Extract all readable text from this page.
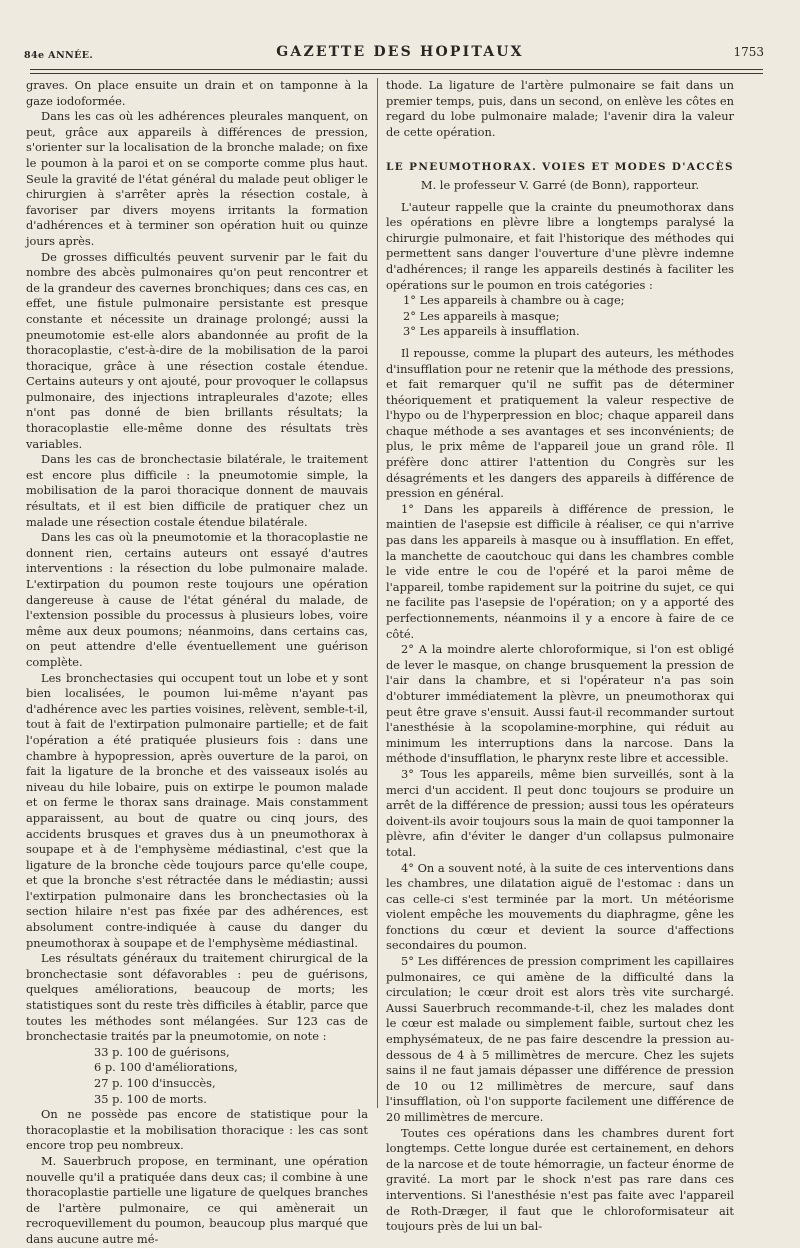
84e ANNÉE.	GAZETTE DES HOPITAUX	1753

graves. On place ensuite un drain et on tamponne à la gaze iodoformée.

Dans les cas où les adhérences pleurales manquent, on peut, grâce aux appareils à différences de pression, s'orienter sur la localisation de la bronche malade; on fixe le poumon à la paroi et on se comporte comme plus haut. Seule la gravité de l'état général du malade peut obliger le chirurgien à s'arrêter après la résection costale, à favoriser par divers moyens irritants la formation d'adhérences et à terminer son opération huit ou quinze jours après.

De grosses difficultés peuvent survenir par le fait du nombre des abcès pulmonaires qu'on peut rencontrer et de la grandeur des cavernes bronchiques; dans ces cas, en effet, une fistule pulmonaire persistante est presque constante et nécessite un drainage prolongé; aussi la pneumotomie est-elle alors abandonnée au profit de la thoracoplastie, c'est-à-dire de la mobilisation de la paroi thoracique, grâce à une résection costale étendue. Certains auteurs y ont ajouté, pour provoquer le collapsus pulmonaire, des injections intrapleurales d'azote; elles n'ont pas donné de bien brillants résultats; la thoracoplastie elle-même donne des résultats très variables.

Dans les cas de bronchectasie bilatérale, le traitement est encore plus difficile : la pneumotomie simple, la mobilisation de la paroi thoracique donnent de mauvais résultats, et il est bien difficile de pratiquer chez un malade une résection costale étendue bilatérale.

Dans les cas où la pneumotomie et la thoracoplastie ne donnent rien, certains auteurs ont essayé d'autres interventions : la résection du lobe pulmonaire malade. L'extirpation du poumon reste toujours une opération dangereuse à cause de l'état général du malade, de l'extension possible du processus à plusieurs lobes, voire même aux deux poumons; néanmoins, dans certains cas, on peut attendre d'elle éventuellement une guérison complète.

Les bronchectasies qui occupent tout un lobe et y sont bien localisées, le poumon lui-même n'ayant pas d'adhérence avec les parties voisines, relèvent, semble-t-il, tout à fait de l'extirpation pulmonaire partielle; et de fait l'opération a été pratiquée plusieurs fois : dans une chambre à hypopression, après ouverture de la paroi, on fait la ligature de la bronche et des vaisseaux isolés au niveau du hile lobaire, puis on extirpe le poumon malade et on ferme le thorax sans drainage. Mais constamment apparaissent, au bout de quatre ou cinq jours, des accidents brusques et graves dus à un pneumothorax à soupape et à de l'emphysème médiastinal, c'est que la ligature de la bronche cède toujours parce qu'elle coupe, et que la bronche s'est rétractée dans le médiastin; aussi l'extirpation pulmonaire dans les bronchectasies où la section hilaire n'est pas fixée par des adhérences, est absolument contre-indiquée à cause du danger du pneumothorax à soupape et de l'emphysème médiastinal.

Les résultats généraux du traitement chirurgical de la bronchectasie sont défavorables : peu de guérisons, quelques améliorations, beaucoup de morts; les statistiques sont du reste très difficiles à établir, parce que toutes les méthodes sont mélangées. Sur 123 cas de bronchectasie traités par la pneumotomie, on note :

33 p. 100 de guérisons,
6 p. 100 d'améliorations,
27 p. 100 d'insuccès,
35 p. 100 de morts.

On ne possède pas encore de statistique pour la thoracoplastie et la mobilisation thoracique : les cas sont encore trop peu nombreux.

M. Sauerbruch propose, en terminant, une opération nouvelle qu'il a pratiquée dans deux cas; il combine à une thoracoplastie partielle une ligature de quelques branches de l'artère pulmonaire, ce qui amènerait un recroquevillement du poumon, beaucoup plus marqué que dans aucune autre mé-

thode. La ligature de l'artère pulmonaire se fait dans un premier temps, puis, dans un second, on enlève les côtes en regard du lobe pulmonaire malade; l'avenir dira la valeur de cette opération.

LE PNEUMOTHORAX. VOIES ET MODES D'ACCÈS
M. le professeur V. Garré (de Bonn), rapporteur.

L'auteur rappelle que la crainte du pneumothorax dans les opérations en plèvre libre a longtemps paralysé la chirurgie pulmonaire, et fait l'historique des méthodes qui permettent sans danger l'ouverture d'une plèvre indemne d'adhérences; il range les appareils destinés à faciliter les opérations sur le poumon en trois catégories :

1° Les appareils à chambre ou à cage;
2° Les appareils à masque;
3° Les appareils à insufflation.

Il repousse, comme la plupart des auteurs, les méthodes d'insufflation pour ne retenir que la méthode des pressions, et fait remarquer qu'il ne suffit pas de déterminer théoriquement et pratiquement la valeur respective de l'hypo ou de l'hyperpression en bloc; chaque appareil dans chaque méthode a ses avantages et ses inconvénients; de plus, le prix même de l'appareil joue un grand rôle. Il préfère donc attirer l'attention du Congrès sur les désagréments et les dangers des appareils à différence de pression en général.

1° Dans les appareils à différence de pression, le maintien de l'asepsie est difficile à réaliser, ce qui n'arrive pas dans les appareils à masque ou à insufflation. En effet, la manchette de caoutchouc qui dans les chambres comble le vide entre le cou de l'opéré et la paroi même de l'appareil, tombe rapidement sur la poitrine du sujet, ce qui ne facilite pas l'asepsie de l'opération; on y a apporté des perfectionnements, néanmoins il y a encore à faire de ce côté.

2° A la moindre alerte chloroformique, si l'on est obligé de lever le masque, on change brusquement la pression de l'air dans la chambre, et si l'opérateur n'a pas soin d'obturer immédiatement la plèvre, un pneumothorax qui peut être grave s'ensuit. Aussi faut-il recommander surtout l'anesthésie à la scopolamine-morphine, qui réduit au minimum les interruptions dans la narcose. Dans la méthode d'insufflation, le pharynx reste libre et accessible.

3° Tous les appareils, même bien surveillés, sont à la merci d'un accident. Il peut donc toujours se produire un arrêt de la différence de pression; aussi tous les opérateurs doivent-ils avoir toujours sous la main de quoi tamponner la plèvre, afin d'éviter le danger d'un collapsus pulmonaire total.

4° On a souvent noté, à la suite de ces interventions dans les chambres, une dilatation aiguë de l'estomac : dans un cas celle-ci s'est terminée par la mort. Un météorisme violent empêche les mouvements du diaphragme, gêne les fonctions du cœur et devient la source d'affections secondaires du poumon.

5° Les différences de pression compriment les capillaires pulmonaires, ce qui amène de la difficulté dans la circulation; le cœur droit est alors très vite surchargé. Aussi Sauerbruch recommande-t-il, chez les malades dont le cœur est malade ou simplement faible, surtout chez les emphysémateux, de ne pas faire descendre la pression au-dessous de 4 à 5 millimètres de mercure. Chez les sujets sains il ne faut jamais dépasser une différence de pression de 10 ou 12 millimètres de mercure, sauf dans l'insufflation, où l'on supporte facilement une différence de 20 millimètres de mercure.

Toutes ces opérations dans les chambres durent fort longtemps. Cette longue durée est certainement, en dehors de la narcose et de toute hémorragie, un facteur énorme de gravité. La mort par le shock n'est pas rare dans ces interventions. Si l'anesthésie n'est pas faite avec l'appareil de Roth-Dræger, il faut que le chloroformisateur ait toujours près de lui un bal-
